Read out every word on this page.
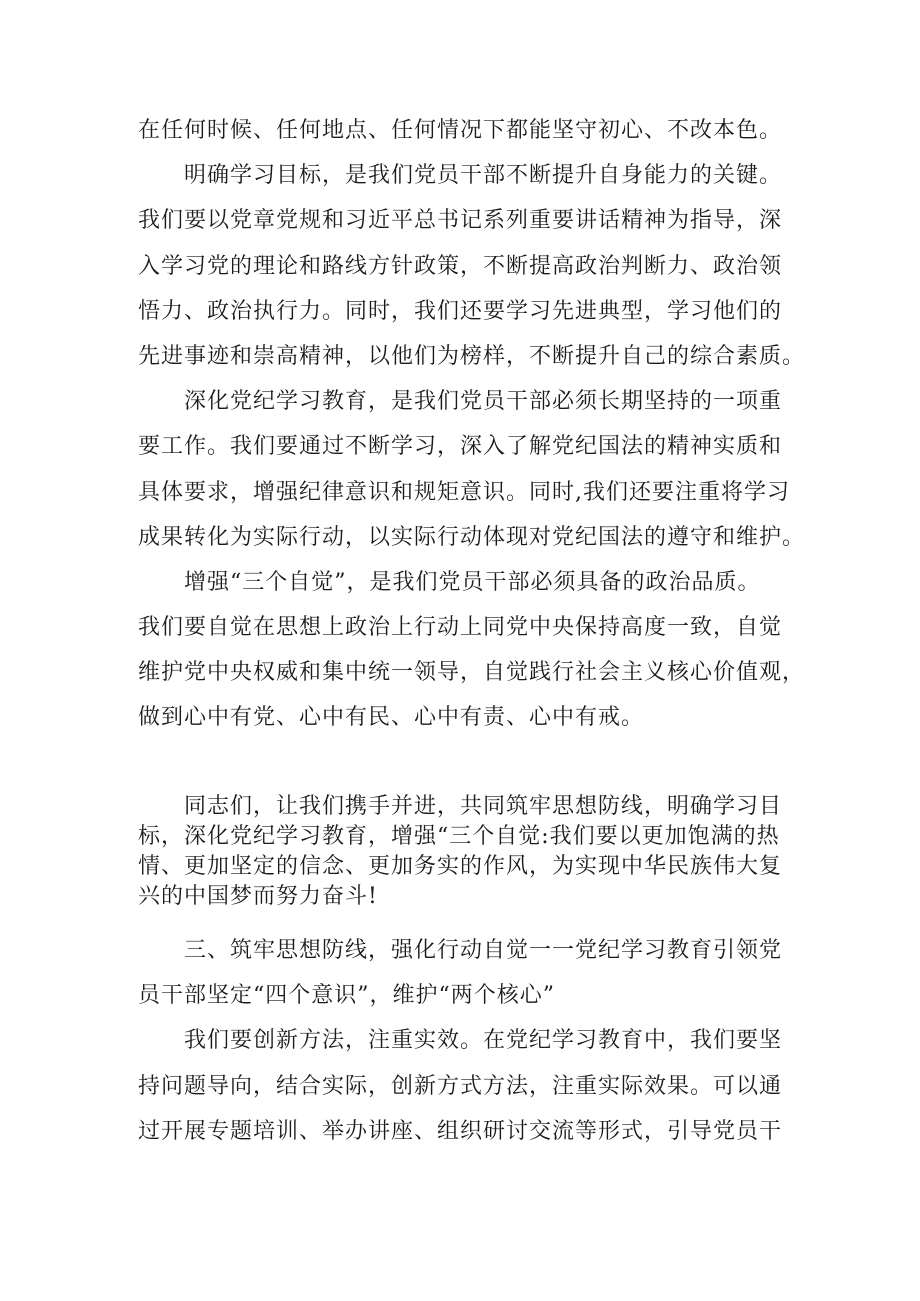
在任何时候、任何地点、任何情况下都能坚守初心、不改本色。
　　明确学习目标，是我们党员干部不断提升自身能力的关键。
我们要以党章党规和习近平总书记系列重要讲话精神为指导，深
入学习党的理论和路线方针政策，不断提高政治判断力、政治领
悟力、政治执行力。同时，我们还要学习先进典型，学习他们的
先进事迹和崇高精神，以他们为榜样，不断提升自己的综合素质。
　　深化党纪学习教育，是我们党员干部必须长期坚持的一项重
要工作。我们要通过不断学习，深入了解党纪国法的精神实质和
具体要求，增强纪律意识和规矩意识。同时,我们还要注重将学习
成果转化为实际行动，以实际行动体现对党纪国法的遵守和维护。
　　增强“三个自觉”，是我们党员干部必须具备的政治品质。
我们要自觉在思想上政治上行动上同党中央保持高度一致，自觉
维护党中央权威和集中统一领导，自觉践行社会主义核心价值观，
做到心中有党、心中有民、心中有责、心中有戒。
　　同志们，让我们携手并进，共同筑牢思想防线，明确学习目
标，深化党纪学习教育，增强“三个自觉:我们要以更加饱满的热
情、更加坚定的信念、更加务实的作风，为实现中华民族伟大复
兴的中国梦而努力奋斗!
　　三、筑牢思想防线，强化行动自觉一一党纪学习教育引领党
员干部坚定“四个意识”，维护“两个核心”
　　我们要创新方法，注重实效。在党纪学习教育中，我们要坚
持问题导向，结合实际，创新方式方法，注重实际效果。可以通
过开展专题培训、举办讲座、组织研讨交流等形式，引导党员干
